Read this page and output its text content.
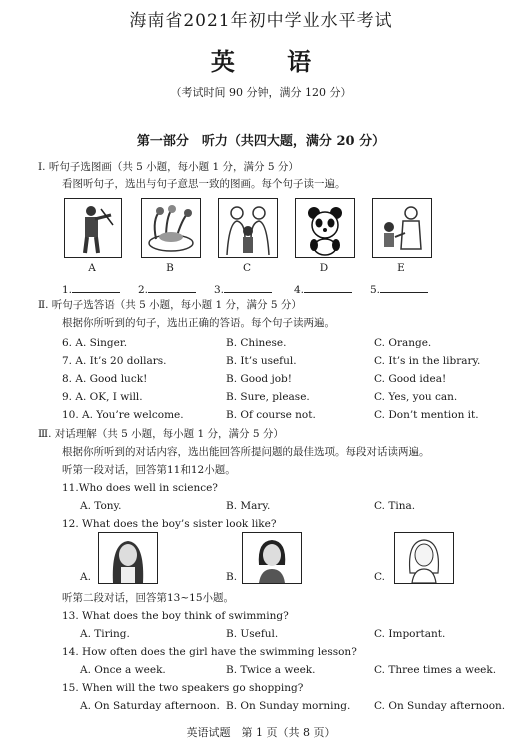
海南省2021年初中学业水平考试
英 语
（考试时间 90 分钟，满分 120 分）
第一部分　听力（共四大题，满分 20 分）
Ⅰ. 听句子选图画（共 5 小题，每小题 1 分，满分 5 分）
看图听句子，选出与句子意思一致的图画。每个句子读一遍。
A	B	C	D	E
1.	2.	3.	4.	5.
Ⅱ. 听句子选答语（共 5 小题，每小题 1 分，满分 5 分）
根据你所听到的句子，选出正确的答语。每个句子读两遍。
6. A. Singer.	B. Chinese.	C. Orange.
7. A. It’s 20 dollars.	B. It’s useful.	C. It’s in the library.
8. A. Good luck!	B. Good job!	C. Good idea!
9. A. OK, I will.	B. Sure, please.	C. Yes, you can.
10. A. You’re welcome.	B. Of course not.	C. Don’t mention it.
Ⅲ. 对话理解（共 5 小题，每小题 1 分，满分 5 分）
根据你所听到的对话内容，选出能回答所提问题的最佳选项。每段对话读两遍。
听第一段对话，回答第11和12小题。
11.Who does well in science?
A. Tony.	B. Mary.	C. Tina.
12. What does the boy’s sister look like?
A.	B.	C.
听第二段对话，回答第13~15小题。
13. What does the boy think of swimming?
A. Tiring.	B. Useful.	C. Important.
14. How often does the girl have the swimming lesson?
A. Once a week.	B. Twice a week.	C. Three times a week.
15. When will the two speakers go shopping?
A. On Saturday afternoon. B. On Sunday morning. C. On Sunday afternoon.
英语试题　第 1 页（共 8 页）
